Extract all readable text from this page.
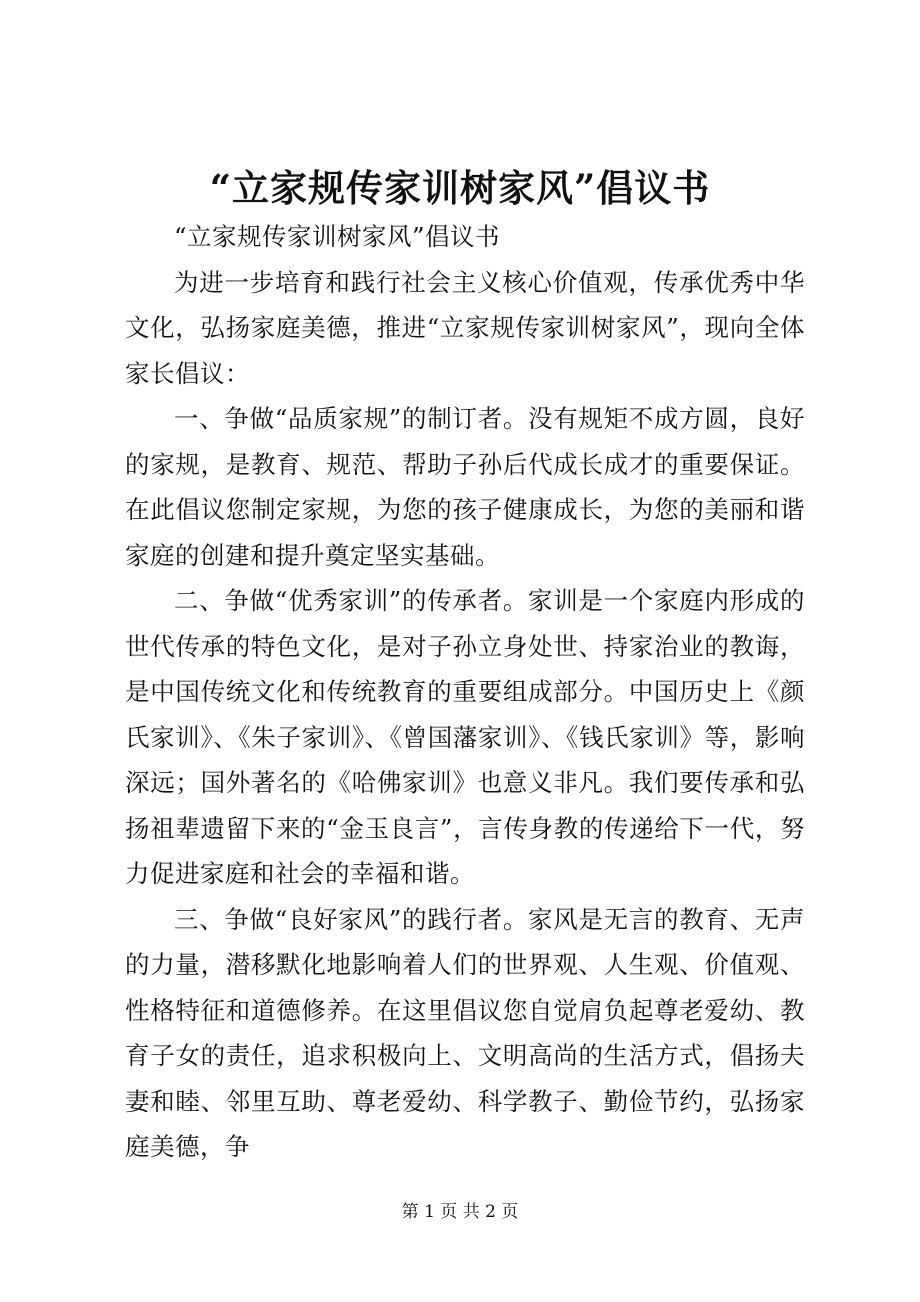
“立家规传家训树家风”倡议书

“立家规传家训树家风”倡议书

为进一步培育和践行社会主义核心价值观，传承优秀中华文化，弘扬家庭美德，推进“立家规传家训树家风”，现向全体家长倡议：

一、争做“品质家规”的制订者。没有规矩不成方圆，良好的家规，是教育、规范、帮助子孙后代成长成才的重要保证。在此倡议您制定家规，为您的孩子健康成长，为您的美丽和谐家庭的创建和提升奠定坚实基础。

二、争做“优秀家训”的传承者。家训是一个家庭内形成的世代传承的特色文化，是对子孙立身处世、持家治业的教诲，是中国传统文化和传统教育的重要组成部分。中国历史上《颜氏家训》、《朱子家训》、《曾国藩家训》、《钱氏家训》等，影响深远；国外著名的《哈佛家训》也意义非凡。我们要传承和弘扬祖辈遗留下来的“金玉良言”，言传身教的传递给下一代，努力促进家庭和社会的幸福和谐。

三、争做“良好家风”的践行者。家风是无言的教育、无声的力量，潜移默化地影响着人们的世界观、人生观、价值观、性格特征和道德修养。在这里倡议您自觉肩负起尊老爱幼、教育子女的责任，追求积极向上、文明高尚的生活方式，倡扬夫妻和睦、邻里互助、尊老爱幼、科学教子、勤俭节约，弘扬家庭美德，争

第 1 页 共 2 页
